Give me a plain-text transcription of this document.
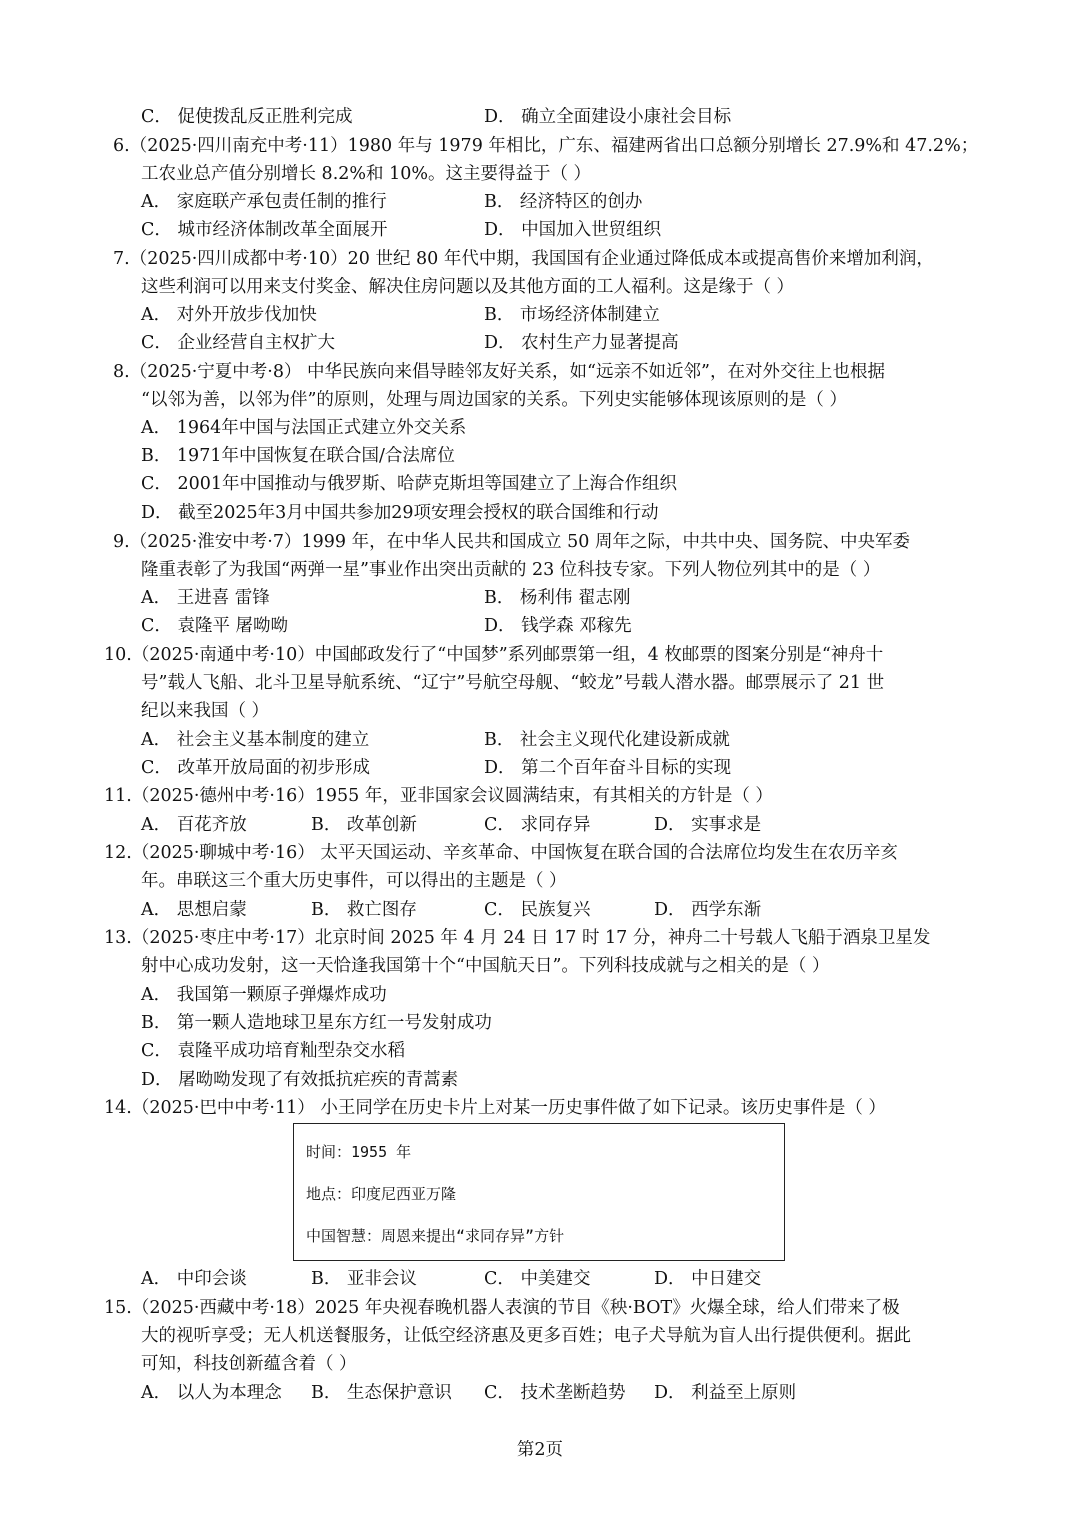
C． 促使拨乱反正胜利完成	D． 确立全面建设小康社会目标
6.（2025·四川南充中考·11）1980 年与 1979 年相比，广东、福建两省出口总额分别增长 27.9%和 47.2%；
工农业总产值分别增长 8.2%和 10%。这主要得益于（ ）
A． 家庭联产承包责任制的推行	B． 经济特区的创办
C． 城市经济体制改革全面展开	D． 中国加入世贸组织
7.（2025·四川成都中考·10）20 世纪 80 年代中期，我国国有企业通过降低成本或提高售价来增加利润，
这些利润可以用来支付奖金、解决住房问题以及其他方面的工人福利。这是缘于（ ）
A． 对外开放步伐加快	B． 市场经济体制建立
C． 企业经营自主权扩大	D． 农村生产力显著提高
8.（2025·宁夏中考·8） 中华民族向来倡导睦邻友好关系，如“远亲不如近邻”，在对外交往上也根据
“以邻为善，以邻为伴”的原则，处理与周边国家的关系。下列史实能够体现该原则的是（ ）
A． 1964年中国与法国正式建立外交关系
B． 1971年中国恢复在联合国/合法席位
C． 2001年中国推动与俄罗斯、哈萨克斯坦等国建立了上海合作组织
D． 截至2025年3月中国共参加29项安理会授权的联合国维和行动
9.（2025·淮安中考·7）1999 年，在中华人民共和国成立 50 周年之际，中共中央、国务院、中央军委
隆重表彰了为我国“两弹一星”事业作出突出贡献的 23 位科技专家。下列人物位列其中的是（ ）
A． 王进喜 雷锋	B． 杨利伟 翟志刚
C． 袁隆平 屠呦呦	D． 钱学森 邓稼先
10.（2025·南通中考·10）中国邮政发行了“中国梦”系列邮票第一组，4 枚邮票的图案分别是“神舟十
号”载人飞船、北斗卫星导航系统、“辽宁”号航空母舰、“蛟龙”号载人潜水器。邮票展示了 21 世
纪以来我国（ ）
A． 社会主义基本制度的建立	B． 社会主义现代化建设新成就
C． 改革开放局面的初步形成	D． 第二个百年奋斗目标的实现
11.（2025·德州中考·16）1955 年，亚非国家会议圆满结束，有其相关的方针是（ ）
A． 百花齐放	B． 改革创新	C． 求同存异	D． 实事求是
12.（2025·聊城中考·16） 太平天国运动、辛亥革命、中国恢复在联合国的合法席位均发生在农历辛亥
年。串联这三个重大历史事件，可以得出的主题是（ ）
A． 思想启蒙	B． 救亡图存	C． 民族复兴	D． 西学东渐
13.（2025·枣庄中考·17）北京时间 2025 年 4 月 24 日 17 时 17 分，神舟二十号载人飞船于酒泉卫星发
射中心成功发射，这一天恰逢我国第十个“中国航天日”。下列科技成就与之相关的是（ ）
A． 我国第一颗原子弹爆炸成功
B． 第一颗人造地球卫星东方红一号发射成功
C． 袁隆平成功培育籼型杂交水稻
D． 屠呦呦发现了有效抵抗疟疾的青蒿素
14.（2025·巴中中考·11） 小王同学在历史卡片上对某一历史事件做了如下记录。该历史事件是（ ）
时间：1955 年
地点：印度尼西亚万隆
中国智慧：周恩来提出“求同存异”方针
A． 中印会谈	B． 亚非会议	C． 中美建交	D． 中日建交
15.（2025·西藏中考·18）2025 年央视春晚机器人表演的节目《秧·BOT》火爆全球，给人们带来了极
大的视听享受；无人机送餐服务，让低空经济惠及更多百姓；电子犬导航为盲人出行提供便利。据此
可知，科技创新蕴含着（ ）
A． 以人为本理念 B． 生态保护意识 C． 技术垄断趋势 D． 利益至上原则
第2页
